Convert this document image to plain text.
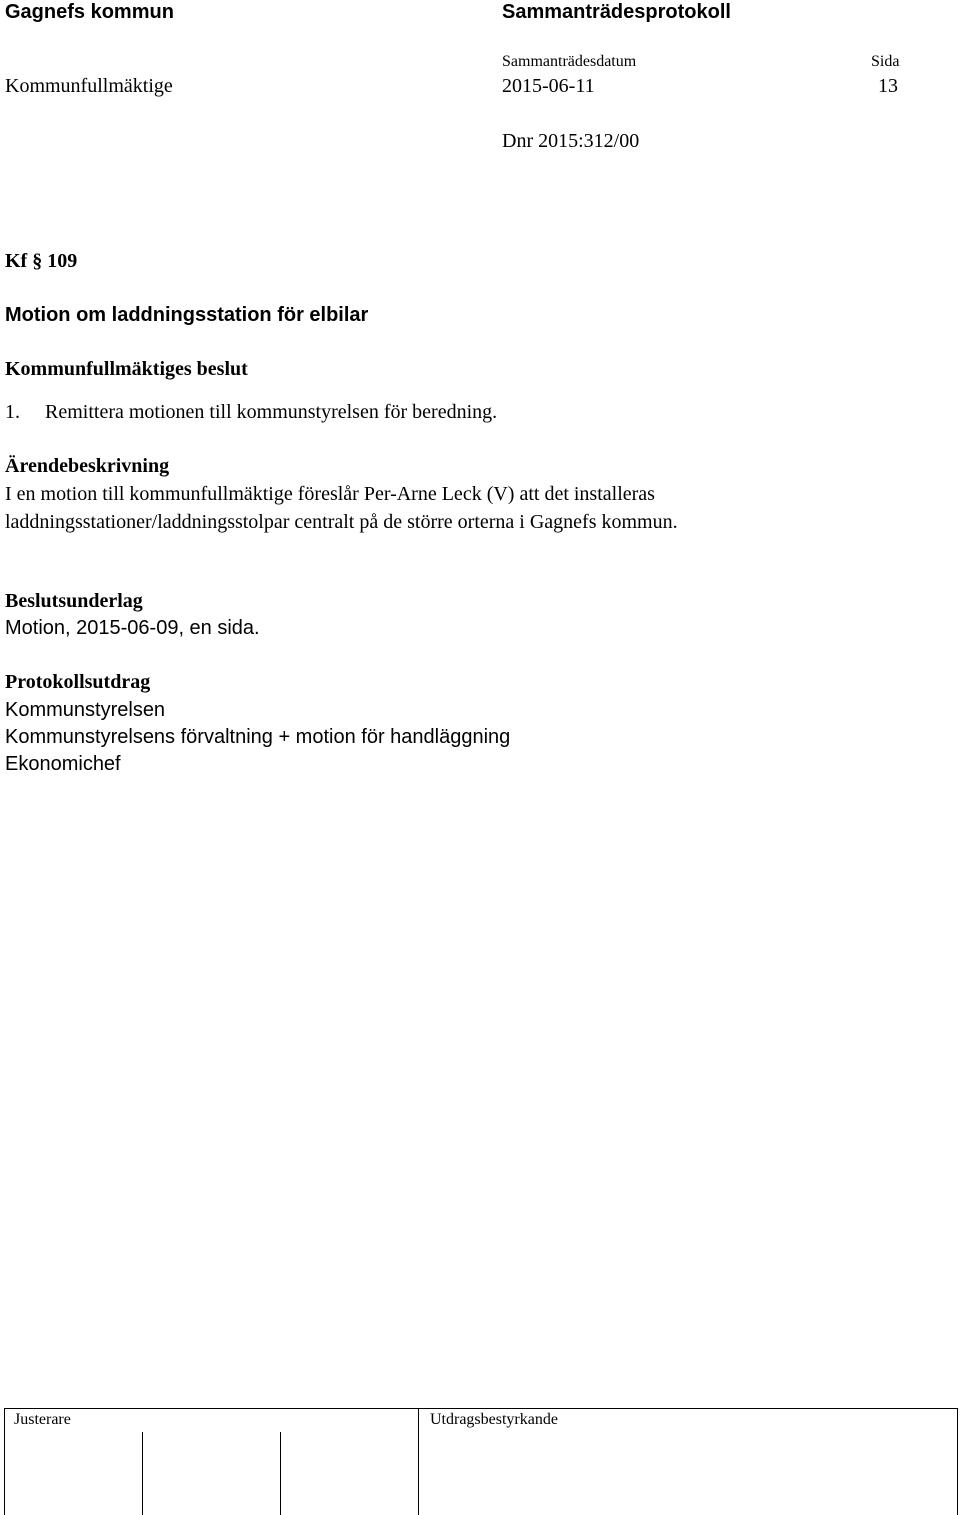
Gagnefs kommun	Sammanträdesprotokoll
Sammanträdesdatum	Sida
Kommunfullmäktige	2015-06-11	13
Dnr 2015:312/00
Kf § 109
Motion om laddningsstation för elbilar
Kommunfullmäktiges beslut
1. Remittera motionen till kommunstyrelsen för beredning.
Ärendebeskrivning
I en motion till kommunfullmäktige föreslår Per-Arne Leck (V) att det installeras laddningsstationer/laddningsstolpar centralt på de större orterna i Gagnefs kommun.
Beslutsunderlag
Motion, 2015-06-09, en sida.
Protokollsutdrag
Kommunstyrelsen
Kommunstyrelsens förvaltning + motion för handläggning
Ekonomichef
Justerare	Utdragsbestyrkande
